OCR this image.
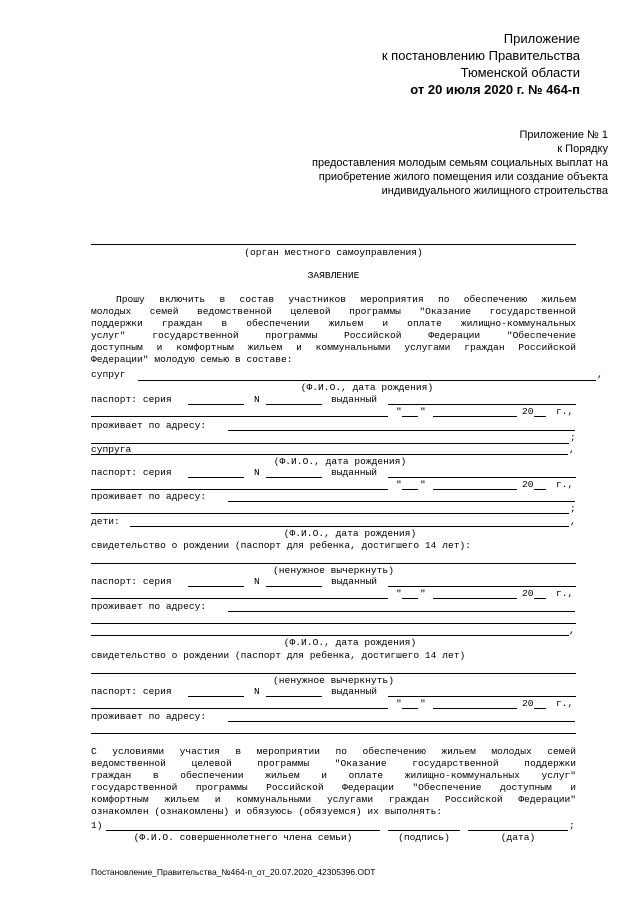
Приложение
к постановлению Правительства
Тюменской области
от 20 июля 2020 г. № 464-п
Приложение № 1
к Порядку
предоставления молодым семьям социальных выплат на
приобретение жилого помещения или создание объекта
индивидуального жилищного строительства
(орган местного самоуправления)
ЗАЯВЛЕНИЕ
Прошу включить в состав участников мероприятия по обеспечению жильем
молодых семей ведомственной целевой программы "Оказание государственной
поддержки граждан в обеспечении жильем и оплате жилищно-коммунальных
услуг" государственной программы Российской Федерации "Обеспечение
доступным и комфортным жильем и коммунальными услугами граждан Российской
Федерации" молодую семью в составе:
супруг	,
(Ф.И.О., дата рождения)
паспорт: серия	N	выданный
" "	20 г.,
проживает по адресу:
;
супруга	,
(Ф.И.О., дата рождения)
паспорт: серия	N	выданный
" "	20 г.,
проживает по адресу:
;
дети:	,
(Ф.И.О., дата рождения)
свидетельство о рождении (паспорт для ребенка, достигшего 14 лет):
(ненужное вычеркнуть)
паспорт: серия	N	выданный
" "	20 г.,
проживает по адресу:
,
(Ф.И.О., дата рождения)
свидетельство о рождении (паспорт для ребенка, достигшего 14 лет)
(ненужное вычеркнуть)
паспорт: серия	N	выданный
" "	20 г.,
проживает по адресу:
С условиями участия в мероприятии по обеспечению жильем молодых семей
ведомственной целевой программы "Оказание государственной поддержки
граждан в обеспечении жильем и оплате жилищно-коммунальных услуг"
государственной программы Российской Федерации "Обеспечение доступным и
комфортным жильем и коммунальными услугами граждан Российской Федерации"
ознакомлен (ознакомлены) и обязуюсь (обязуемся) их выполнять:
1)	;
(Ф.И.О. совершеннолетнего члена семьи)	(подпись)	(дата)
Постановление_Правительства_№464-п_от_20.07.2020_42305396.ODT
